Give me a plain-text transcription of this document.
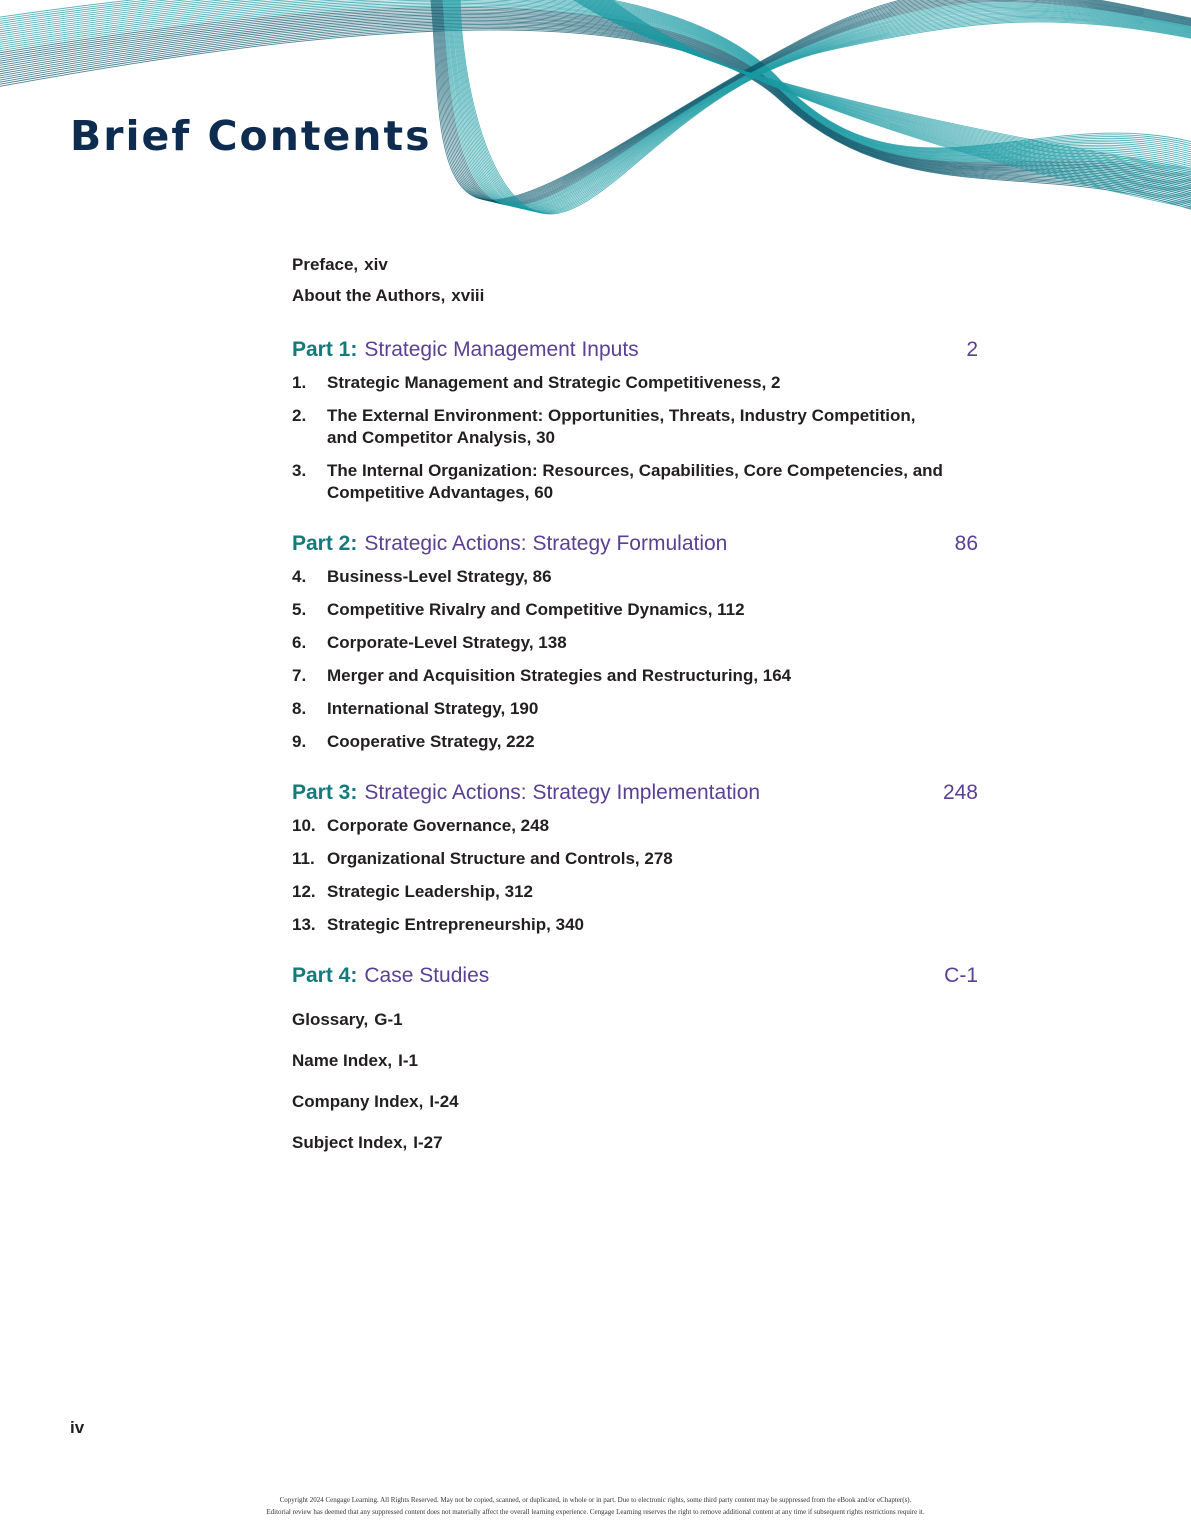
Brief Contents
Preface, xiv
About the Authors, xviii
Part 1: Strategic Management Inputs	2
1.	Strategic Management and Strategic Competitiveness, 2
2.	The External Environment: Opportunities, Threats, Industry Competition, and Competitor Analysis, 30
3.	The Internal Organization: Resources, Capabilities, Core Competencies, and Competitive Advantages, 60
Part 2: Strategic Actions: Strategy Formulation	86
4.	Business-Level Strategy, 86
5.	Competitive Rivalry and Competitive Dynamics, 112
6.	Corporate-Level Strategy, 138
7.	Merger and Acquisition Strategies and Restructuring, 164
8.	International Strategy, 190
9.	Cooperative Strategy, 222
Part 3: Strategic Actions: Strategy Implementation	248
10. Corporate Governance, 248
11. Organizational Structure and Controls, 278
12. Strategic Leadership, 312
13. Strategic Entrepreneurship, 340
Part 4: Case Studies	C-1
Glossary, G-1
Name Index, I-1
Company Index, I-24
Subject Index, I-27
iv
Copyright 2024 Cengage Learning. All Rights Reserved. May not be copied, scanned, or duplicated, in whole or in part. Due to electronic rights, some third party content may be suppressed from the eBook and/or eChapter(s).
Editorial review has deemed that any suppressed content does not materially affect the overall learning experience. Cengage Learning reserves the right to remove additional content at any time if subsequent rights restrictions require it.
